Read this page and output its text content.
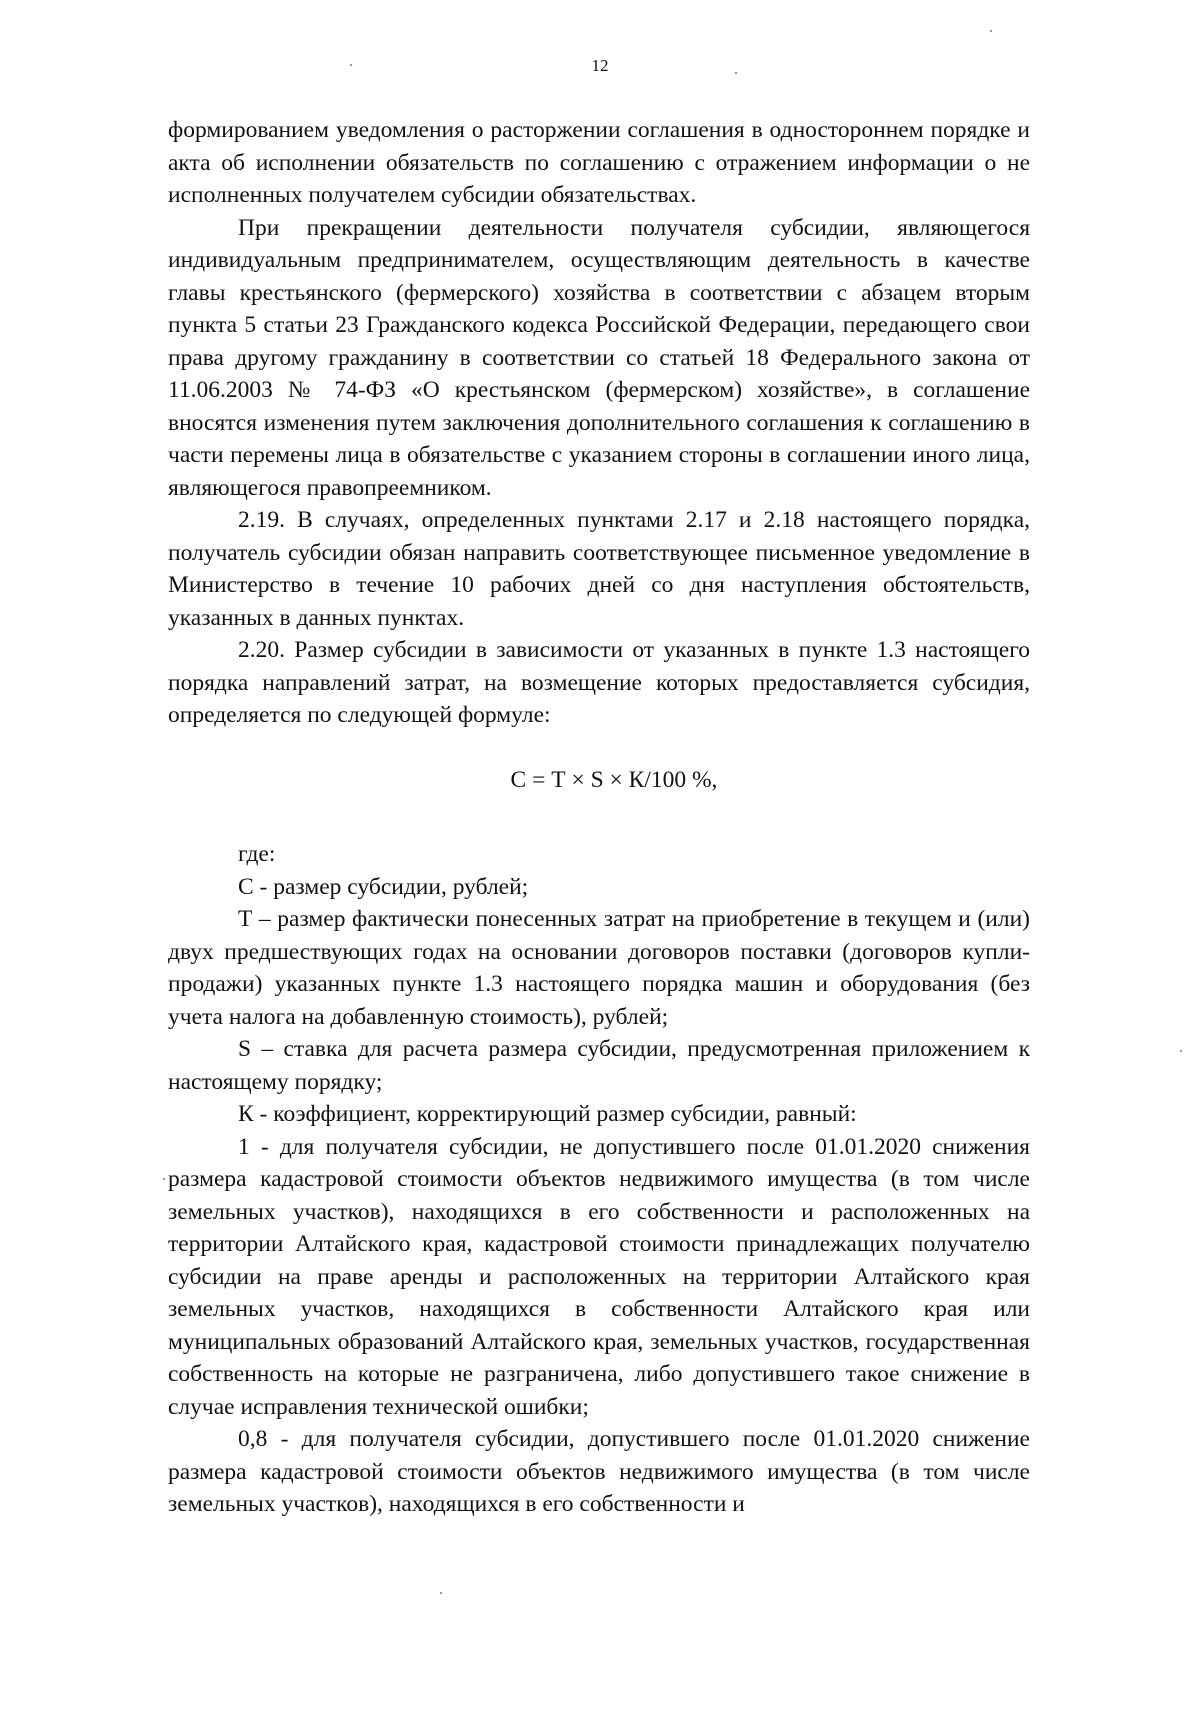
12

формированием уведомления о расторжении соглашения в одностороннем порядке и акта об исполнении обязательств по соглашению с отражением информации о не исполненных получателем субсидии обязательствах.

При прекращении деятельности получателя субсидии, являющегося индивидуальным предпринимателем, осуществляющим деятельность в качестве главы крестьянского (фермерского) хозяйства в соответствии с абзацем вторым пункта 5 статьи 23 Гражданского кодекса Российской Федерации, передающего свои права другому гражданину в соответствии со статьей 18 Федерального закона от 11.06.2003 № 74-ФЗ «О крестьянском (фермерском) хозяйстве», в соглашение вносятся изменения путем заключения дополнительного соглашения к соглашению в части перемены лица в обязательстве с указанием стороны в соглашении иного лица, являющегося правопреемником.

2.19. В случаях, определенных пунктами 2.17 и 2.18 настоящего порядка, получатель субсидии обязан направить соответствующее письменное уведомление в Министерство в течение 10 рабочих дней со дня наступления обстоятельств, указанных в данных пунктах.

2.20. Размер субсидии в зависимости от указанных в пункте 1.3 настоящего порядка направлений затрат, на возмещение которых предоставляется субсидия, определяется по следующей формуле:

С = Т × S × К/100 %,

где:

С - размер субсидии, рублей;

Т – размер фактически понесенных затрат на приобретение в текущем и (или) двух предшествующих годах на основании договоров поставки (договоров купли-продажи) указанных пункте 1.3 настоящего порядка машин и оборудования (без учета налога на добавленную стоимость), рублей;

S – ставка для расчета размера субсидии, предусмотренная приложением к настоящему порядку;

К - коэффициент, корректирующий размер субсидии, равный:

1 - для получателя субсидии, не допустившего после 01.01.2020 снижения размера кадастровой стоимости объектов недвижимого имущества (в том числе земельных участков), находящихся в его собственности и расположенных на территории Алтайского края, кадастровой стоимости принадлежащих получателю субсидии на праве аренды и расположенных на территории Алтайского края земельных участков, находящихся в собственности Алтайского края или муниципальных образований Алтайского края, земельных участков, государственная собственность на которые не разграничена, либо допустившего такое снижение в случае исправления технической ошибки;

0,8 - для получателя субсидии, допустившего после 01.01.2020 снижение размера кадастровой стоимости объектов недвижимого имущества (в том числе земельных участков), находящихся в его собственности и
